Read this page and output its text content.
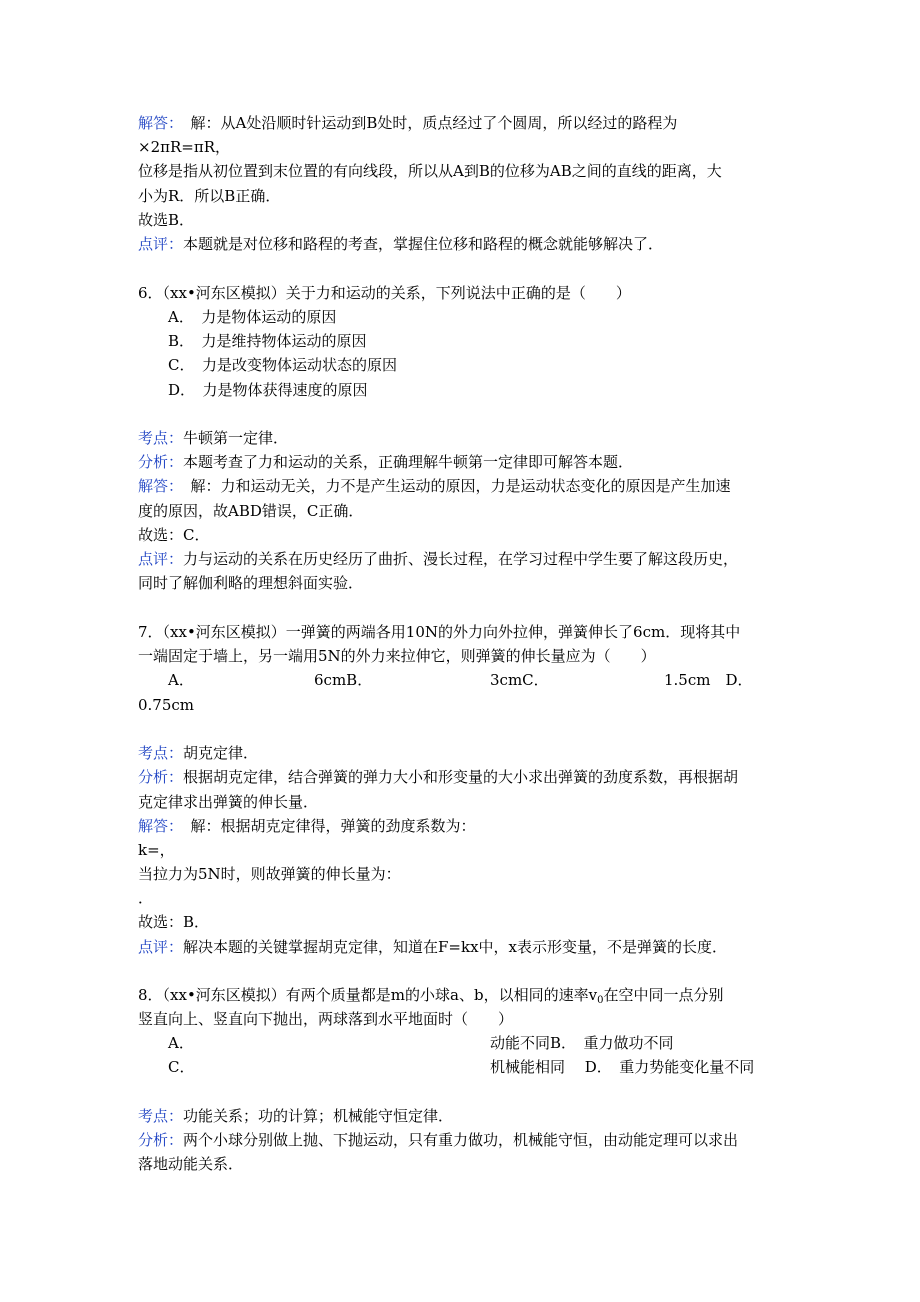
解答：　解：从A处沿顺时针运动到B处时，质点经过了个圆周，所以经过的路程为
×2πR=πR，
位移是指从初位置到末位置的有向线段，所以从A到B的位移为AB之间的直线的距离，大
小为R．所以B正确．
故选B．
点评：本题就是对位移和路程的考查，掌握住位移和路程的概念就能够解决了．
6．（xx•河东区模拟）关于力和运动的关系，下列说法中正确的是（　　）
A．　力是物体运动的原因
B．　力是维持物体运动的原因
C．　力是改变物体运动状态的原因
D．　力是物体获得速度的原因
考点：牛顿第一定律．
分析：本题考查了力和运动的关系，正确理解牛顿第一定律即可解答本题．
解答：　解：力和运动无关，力不是产生运动的原因，力是运动状态变化的原因是产生加速
度的原因，故ABD错误，C正确．
故选：C．
点评：力与运动的关系在历史经历了曲折、漫长过程，在学习过程中学生要了解这段历史，
同时了解伽利略的理想斜面实验．
7．（xx•河东区模拟）一弹簧的两端各用10N的外力向外拉伸，弹簧伸长了6cm．现将其中
一端固定于墙上，另一端用5N的外力来拉伸它，则弹簧的伸长量应为（　　）
A．	6cmB．	3cmC．	1.5cm　D．
0.75cm
考点：胡克定律．
分析：根据胡克定律，结合弹簧的弹力大小和形变量的大小求出弹簧的劲度系数，再根据胡
克定律求出弹簧的伸长量．
解答：　解：根据胡克定律得，弹簧的劲度系数为：
k=，
当拉力为5N时，则故弹簧的伸长量为：
．
故选：B．
点评：解决本题的关键掌握胡克定律，知道在F=kx中，x表示形变量，不是弹簧的长度．
8．（xx•河东区模拟）有两个质量都是m的小球a、b，以相同的速率$v_0$在空中同一点分别
竖直向上、竖直向下抛出，两球落到水平地面时（　　）
A．	动能不同B．　重力做功不同
C．	机械能相同　 D．　重力势能变化量不同
考点：功能关系；功的计算；机械能守恒定律．
分析：两个小球分别做上抛、下抛运动，只有重力做功，机械能守恒，由动能定理可以求出
落地动能关系．
